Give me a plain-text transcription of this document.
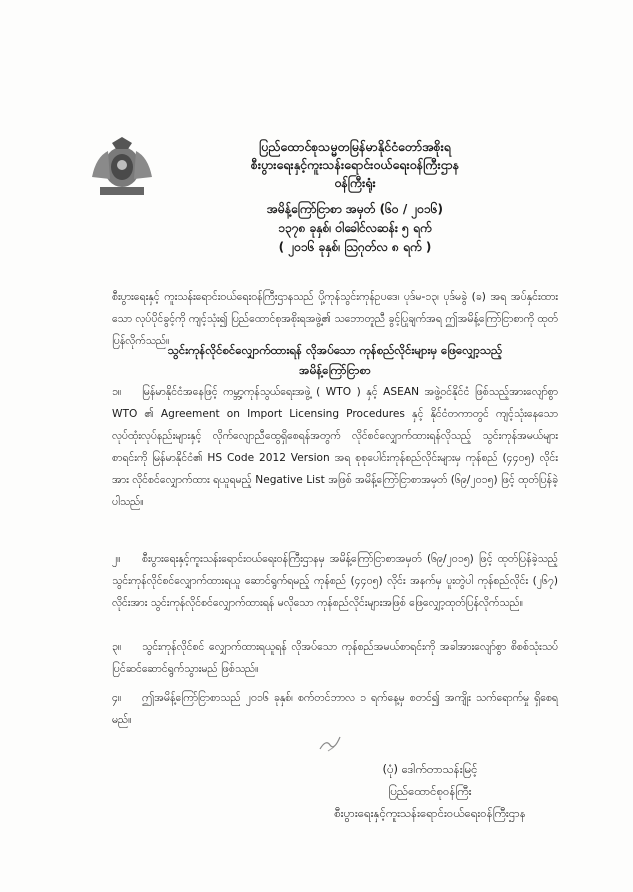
ပြည်ထောင်စုသမ္မတမြန်မာနိုင်ငံတော်အစိုးရ
စီးပွားရေးနှင့်ကူးသန်းရောင်းဝယ်ရေးဝန်ကြီးဌာန
ဝန်ကြီးရုံး
အမိန့်ကြော်ငြာစာ အမှတ် (၆၀ / ၂၀၁၆)
၁၃၇၈ ခုနှစ်၊ ဝါခေါင်လဆန်း ၅ ရက်
( ၂၀၁၆ ခုနှစ်၊ ဩဂုတ်လ ၈ ရက် )
စီးပွားရေးနှင့် ကူးသန်းရောင်းဝယ်ရေးဝန်ကြီးဌာနသည် ပို့ကုန်သွင်းကုန်ဥပဒေ၊ ပုဒ်မ-၁၃၊ ပုဒ်မခွဲ (ခ) အရ အပ်နှင်းထားသော လုပ်ပိုင်ခွင့်ကို ကျင့်သုံး၍ ပြည်ထောင်စုအစိုးရအဖွဲ့၏ သဘောတူညီ ခွင့်ပြုချက်အရ ဤအမိန့်ကြော်ငြာစာကို ထုတ်ပြန်လိုက်သည်။
သွင်းကုန်လိုင်စင်လျှောက်ထားရန် လိုအပ်သော ကုန်စည်လိုင်းများမှ ဖြေလျှော့သည့်
အမိန့်ကြော်ငြာစာ
၁။ မြန်မာနိုင်ငံအနေဖြင့် ကမ္ဘာ့ကုန်သွယ်ရေးအဖွဲ့ ( WTO ) နှင့် ASEAN အဖွဲ့ဝင်နိုင်ငံ ဖြစ်သည့်အားလျော်စွာ WTO ၏ Agreement on Import Licensing Procedures နှင့် နိုင်ငံတကာတွင် ကျင့်သုံးနေသော လုပ်ထုံးလုပ်နည်းများနှင့် လိုက်လျောညီထွေရှိစေရန်အတွက် လိုင်စင်လျှောက်ထားရန်လိုသည့် သွင်းကုန်အမယ်များစာရင်းကို မြန်မာနိုင်ငံ၏ HS Code 2012 Version အရ စုစုပေါင်းကုန်စည်လိုင်းများမှ ကုန်စည် (၄၄၀၅) လိုင်းအား လိုင်စင်လျှောက်ထား ရယူရမည့် Negative List အဖြစ် အမိန့်ကြော်ငြာစာအမှတ် (၆၉/၂၀၁၅) ဖြင့် ထုတ်ပြန်ခဲ့ပါသည်။
၂။ စီးပွားရေးနှင့်ကူးသန်းရောင်းဝယ်ရေးဝန်ကြီးဌာနမှ အမိန့်ကြော်ငြာစာအမှတ် (၆၉/၂၀၁၅) ဖြင့် ထုတ်ပြန်ခဲ့သည့် သွင်းကုန်လိုင်စင်လျှောက်ထားရယူ ဆောင်ရွက်ရမည့် ကုန်စည် (၄၄၀၅) လိုင်း အနက်မှ ပူးတွဲပါ ကုန်စည်လိုင်း (၂၆၇) လိုင်းအား သွင်းကုန်လိုင်စင်လျှောက်ထားရန် မလိုသော ကုန်စည်လိုင်းများအဖြစ် ဖြေလျှော့ထုတ်ပြန်လိုက်သည်။
၃။ သွင်းကုန်လိုင်စင် လျှောက်ထားရယူရန် လိုအပ်သော ကုန်စည်အမယ်စာရင်းကို အခါအားလျော်စွာ စိစစ်သုံးသပ်ပြင်ဆင်ဆောင်ရွက်သွားမည် ဖြစ်သည်။
၄။ ဤအမိန့်ကြော်ငြာစာသည် ၂၀၁၆ ခုနှစ်၊ စက်တင်ဘာလ ၁ ရက်နေ့မှ စတင်၍ အကျိုး သက်ရောက်မှု ရှိစေရမည်။
(ပုံ) ဒေါက်တာသန်းမြင့်
ပြည်ထောင်စုဝန်ကြီး
စီးပွားရေးနှင့်ကူးသန်းရောင်းဝယ်ရေးဝန်ကြီးဌာန
